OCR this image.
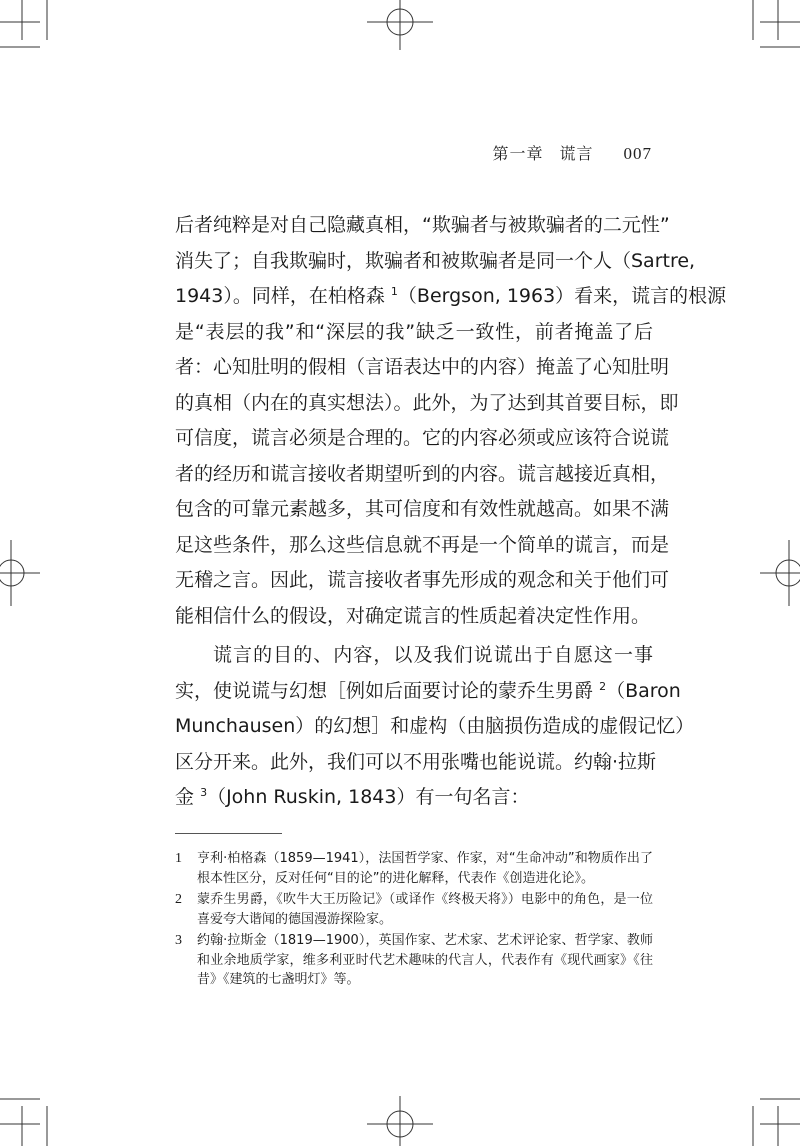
第一章 谎言 007
后者纯粹是对自己隐藏真相，“欺骗者与被欺骗者的二元性”
消失了；自我欺骗时，欺骗者和被欺骗者是同一个人（Sartre,
1943）。同样，在柏格森 $^1$（Bergson, 1963）看来，谎言的根源
是“表层的我”和“深层的我”缺乏一致性，前者掩盖了后
者：心知肚明的假相（言语表达中的内容）掩盖了心知肚明
的真相（内在的真实想法）。此外，为了达到其首要目标，即
可信度，谎言必须是合理的。它的内容必须或应该符合说谎
者的经历和谎言接收者期望听到的内容。谎言越接近真相，
包含的可靠元素越多，其可信度和有效性就越高。如果不满
足这些条件，那么这些信息就不再是一个简单的谎言，而是
无稽之言。因此，谎言接收者事先形成的观念和关于他们可
能相信什么的假设，对确定谎言的性质起着决定性作用。
谎言的目的、内容，以及我们说谎出于自愿这一事
实，使说谎与幻想［例如后面要讨论的蒙乔生男爵 $^2$（Baron
Munchausen）的幻想］和虚构（由脑损伤造成的虚假记忆）
区分开来。此外，我们可以不用张嘴也能说谎。约翰·拉斯
金 $^3$（John Ruskin, 1843）有一句名言：
1 亨利·柏格森（1859—1941），法国哲学家、作家，对“生命冲动”和物质作出了根本性区分，反对任何“目的论”的进化解释，代表作《创造进化论》。
2 蒙乔生男爵，《吹牛大王历险记》（或译作《终极天将》）电影中的角色，是一位喜爱夸大谐闻的德国漫游探险家。
3 约翰·拉斯金（1819—1900），英国作家、艺术家、艺术评论家、哲学家、教师和业余地质学家，维多利亚时代艺术趣味的代言人，代表作有《现代画家》《往昔》《建筑的七盏明灯》等。
